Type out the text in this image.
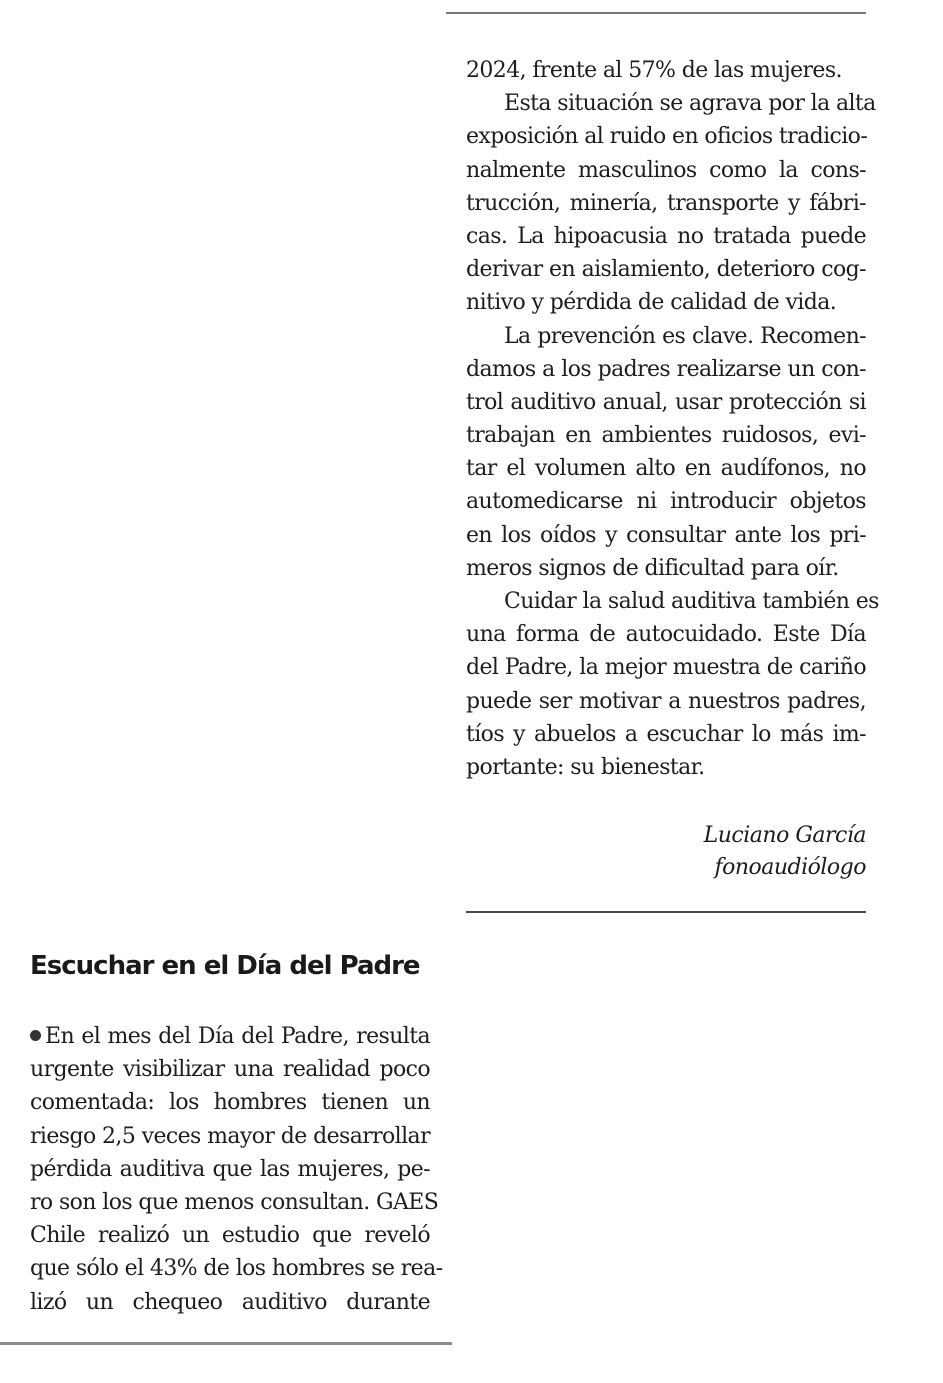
2024, frente al 57% de las mujeres.
Esta situación se agrava por la alta
exposición al ruido en oficios tradicio-
nalmente masculinos como la cons-
trucción, minería, transporte y fábri-
cas. La hipoacusia no tratada puede
derivar en aislamiento, deterioro cog-
nitivo y pérdida de calidad de vida.
La prevención es clave. Recomen-
damos a los padres realizarse un con-
trol auditivo anual, usar protección si
trabajan en ambientes ruidosos, evi-
tar el volumen alto en audífonos, no
automedicarse ni introducir objetos
en los oídos y consultar ante los pri-
meros signos de dificultad para oír.
Cuidar la salud auditiva también es
una forma de autocuidado. Este Día
del Padre, la mejor muestra de cariño
puede ser motivar a nuestros padres,
tíos y abuelos a escuchar lo más im-
portante: su bienestar.
Luciano García
fonoaudiólogo
Escuchar en el Día del Padre
En el mes del Día del Padre, resulta
urgente visibilizar una realidad poco
comentada: los hombres tienen un
riesgo 2,5 veces mayor de desarrollar
pérdida auditiva que las mujeres, pe-
ro son los que menos consultan. GAES
Chile realizó un estudio que reveló
que sólo el 43% de los hombres se rea-
lizó un chequeo auditivo durante
